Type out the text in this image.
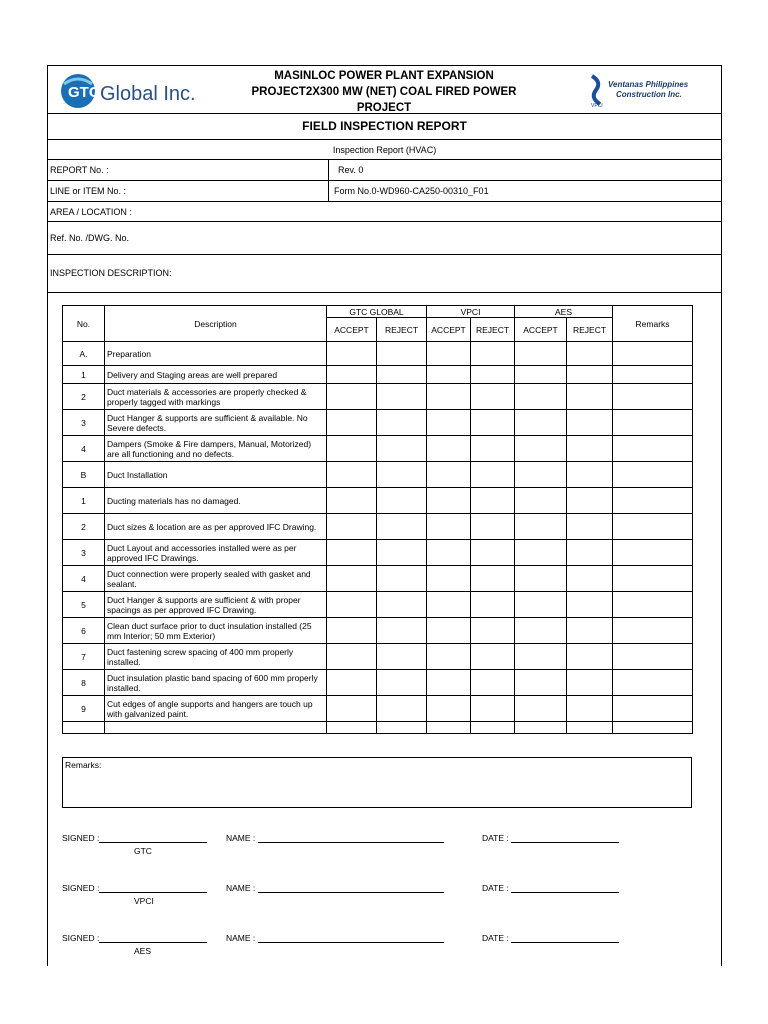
GTC Global Inc.
MASINLOC POWER PLANT EXPANSION
PROJECT2X300 MW (NET) COAL FIRED POWER
PROJECT
Ventanas Philippines
Construction Inc.
VPCI
FIELD INSPECTION REPORT
Inspection Report (HVAC)
REPORT No. :	Rev. 0
LINE or ITEM No. :	Form No.0-WD960-CA250-00310_F01
AREA / LOCATION :
Ref. No. /DWG. No.
INSPECTION DESCRIPTION:
No.	Description	GTC GLOBAL		VPCI		AES		Remarks
		ACCEPT	REJECT	ACCEPT	REJECT	ACCEPT	REJECT	
A.	Preparation							
1	Delivery and Staging areas are well prepared							
2	Duct materials & accessories are properly checked & properly tagged with markings							
3	Duct Hanger & supports are sufficient & available. No Severe defects.							
4	Dampers (Smoke & Fire dampers, Manual, Motorized) are all functioning and no defects.							
B	Duct Installation							
1	Ducting materials has no damaged.							
2	Duct sizes & location are as per approved IFC Drawing.							
3	Duct Layout and accessories installed were as per approved IFC Drawings.							
4	Duct connection were properly sealed with gasket and sealant.							
5	Duct Hanger & supports are sufficient & with proper spacings as per approved IFC Drawing.							
6	Clean duct surface prior to duct insulation installed (25 mm Interior; 50 mm Exterior)							
7	Duct fastening screw spacing of 400 mm properly installed.							
8	Duct insulation plastic band spacing of 600 mm properly installed.							
9	Cut edges of angle supports and hangers are touch up with galvanized paint.							

Remarks:
SIGNED :
GTC
NAME :	DATE :
SIGNED :
VPCI
NAME :	DATE :
SIGNED :
AES
NAME :	DATE :
